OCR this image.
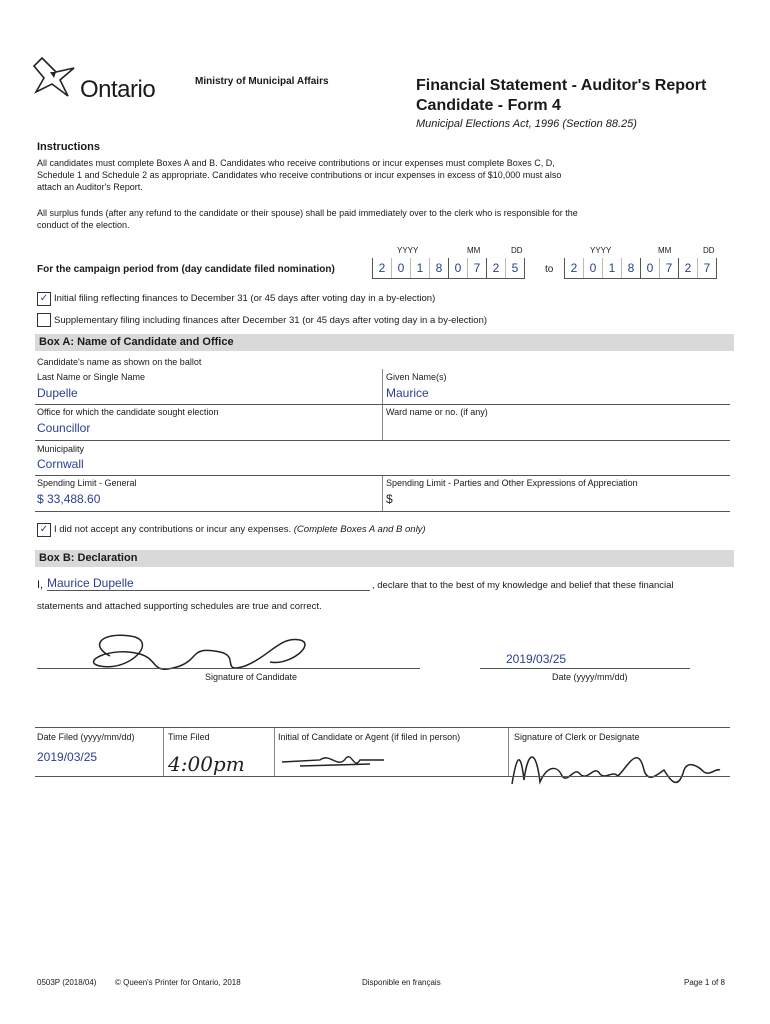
Ontario	Ministry of Municipal Affairs	Financial Statement - Auditor's Report
Candidate - Form 4
Municipal Elections Act, 1996 (Section 88.25)
Instructions
All candidates must complete Boxes A and B. Candidates who receive contributions or incur expenses must complete Boxes C, D,
Schedule 1 and Schedule 2 as appropriate. Candidates who receive contributions or incur expenses in excess of $10,000 must also
attach an Auditor's Report.
All surplus funds (after any refund to the candidate or their spouse) shall be paid immediately over to the clerk who is responsible for the
conduct of the election.
YYYY	MM	DD	YYYY	MM	DD
For the campaign period from (day candidate filed nomination)	2	0	1	8	0	7	2	5	to	2	0	1	8	0	7	2	7
✓ Initial filing reflecting finances to December 31 (or 45 days after voting day in a by-election)
Supplementary filing including finances after December 31 (or 45 days after voting day in a by-election)
Box A: Name of Candidate and Office
Candidate's name as shown on the ballot
Last Name or Single Name
Dupelle
Given Name(s)
Maurice
Office for which the candidate sought election
Councillor
Ward name or no. (if any)
Municipality
Cornwall
Spending Limit - General
$ 33,488.60
Spending Limit - Parties and Other Expressions of Appreciation
$
✓ I did not accept any contributions or incur any expenses. (Complete Boxes A and B only)
Box B: Declaration
I, Maurice Dupelle	, declare that to the best of my knowledge and belief that these financial
statements and attached supporting schedules are true and correct.
Signature of Candidate
2019/03/25
Date (yyyy/mm/dd)
Date Filed (yyyy/mm/dd)
2019/03/25
Time Filed
4:00pm
Initial of Candidate or Agent (if filed in person)	Signature of Clerk or Designate
0503P (2018/04) © Queen's Printer for Ontario, 2018	Disponible en français	Page 1 of 8
